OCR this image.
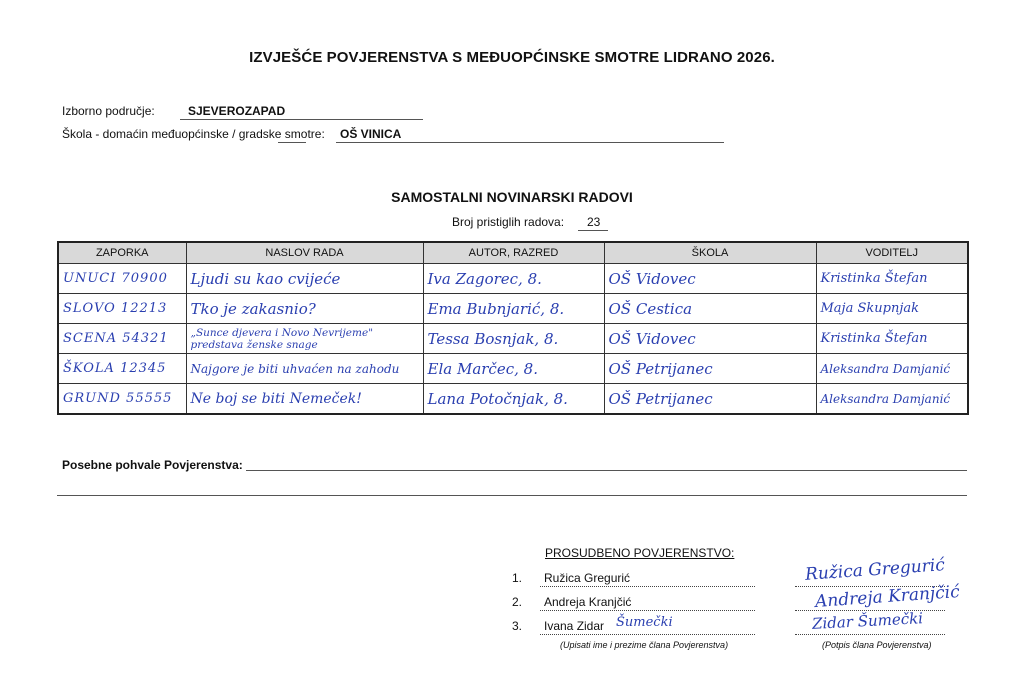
IZVJEŠĆE POVJERENSTVA S MEĐUOPĆINSKE SMOTRE LIDRANO 2026.
Izborno područje:	SJEVEROZAPAD
Škola - domaćin međuopćinske / gradske smotre: OŠ VINICA
SAMOSTALNI NOVINARSKI RADOVI
Broj pristiglih radova: 23
ZAPORKA	NASLOV RADA	AUTOR, RAZRED	ŠKOLA	VODITELJ
UNUCI 70900	Ljudi su kao cvijeće	Iva Zagorec, 8.	OŠ Vidovec	Kristinka Štefan
SLOVO 12213	Tko je zakasnio?	Ema Bubnjarić, 8.	OŠ Cestica	Maja Skupnjak
SCENA 54321	„Sunce djevera i Novo Nevrijeme" predstava ženske snage	Tessa Bosnjak, 8.	OŠ Vidovec	Kristinka Štefan
ŠKOLA 12345	Najgore je biti uhvaćen na zahodu	Ela Marčec, 8.	OŠ Petrijanec	Aleksandra Damjanić
GRUND 55555	Ne boj se biti Nemeček!	Lana Potočnjak, 8.	OŠ Petrijanec	Aleksandra Damjanić
Posebne pohvale Povjerenstva:
PROSUDBENO POVJERENSTVO:
1. Ružica Gregurić
2. Andreja Kranjčić
3. Ivana Zidar Šumečki
(Upisati ime i prezime člana Povjerenstva)
Ružica Gregurić
Andreja Kranjčić
Zidar Šumečki
(Potpis člana Povjerenstva)
